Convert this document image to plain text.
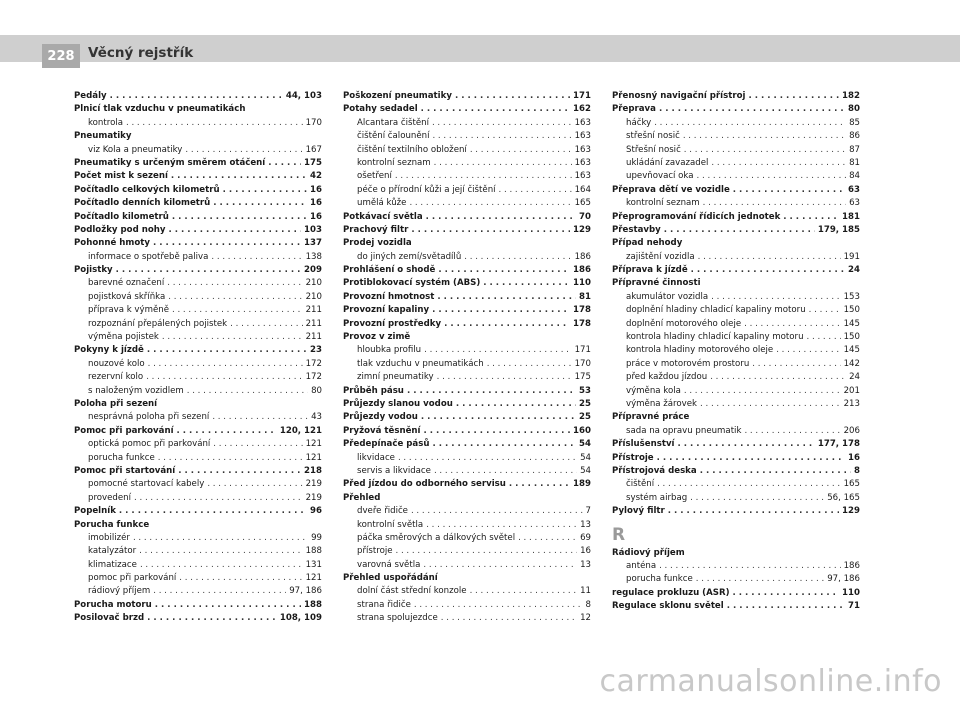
228 Věcný rejstřík
Pedály . . .	44, 103
Plnicí tlak vzduchu v pneumatikách
kontrola . . .	170
Pneumatiky
viz Kola a pneumatiky . . .	167
Pneumatiky s určeným směrem otáčení . . .	175
Počet mist k sezení . . .	42
Počítadlo celkových kilometrů . . .	16
Počítadlo denních kilometrů . . .	16
Počítadlo kilometrů . . .	16
Podložky pod nohy . . .	103
Pohonné hmoty . . .	137
informace o spotřebě paliva . . .	138
Pojistky . . .	209
barevné označení . . .	210
pojistková skříňka . . .	210
příprava k výměně . . .	211
rozpoznání přepálených pojistek . . .	211
výměna pojistek . . .	211
Pokyny k jízdě . . .	23
nouzové kolo . . .	172
rezervní kolo . . .	172
s naloženým vozidlem . . .	80
Poloha při sezení
nesprávná poloha při sezení . . .	43
Pomoc při parkování . . .	120, 121
optická pomoc při parkování . . .	121
porucha funkce . . .	121
Pomoc při startování . . .	218
pomocné startovací kabely . . .	219
provedení . . .	219
Popelník . . .	96
Porucha funkce
imobilizér . . .	99
katalyzátor . . .	188
klimatizace . . .	131
pomoc při parkování . . .	121
rádiový příjem . . .	97, 186
Porucha motoru . . .	188
Posilovač brzd . . .	108, 109
Poškození pneumatiky . . .	171
Potahy sedadel . . .	162
Alcantara čištění . . .	163
čištění čalounění . . .	163
čištění textilního obložení . . .	163
kontrolní seznam . . .	163
ošetření . . .	163
péče o přírodní kůži a její čištění . . .	164
umělá kůže . . .	165
Potkávací světla . . .	70
Prachový filtr . . .	129
Prodej vozidla
do jiných zemí/světadílů . . .	186
Prohlášení o shodě . . .	186
Protiblokovací systém (ABS) . . .	110
Provozní hmotnost . . .	81
Provozní kapaliny . . .	178
Provozní prostředky . . .	178
Provoz v zimě
hloubka profilu . . .	171
tlak vzduchu v pneumatikách . . .	170
zimní pneumatiky . . .	175
Průběh pásu . . .	53
Průjezdy slanou vodou . . .	25
Průjezdy vodou . . .	25
Pryžová těsnění . . .	160
Předepínače pásů . . .	54
likvidace . . .	54
servis a likvidace . . .	54
Před jízdou do odborného servisu . . .	189
Přehled
dveře řidiče . . .	7
kontrolní světla . . .	13
páčka směrových a dálkových světel . . .	69
přístroje . . .	16
varovná světla . . .	13
Přehled uspořádání
dolní část střední konzole . . .	11
strana řidiče . . .	8
strana spolujezdce . . .	12
Přenosný navigační přístroj . . .	182
Přeprava . . .	80
háčky . . .	85
střešní nosič . . .	86
Střešní nosič . . .	87
ukládání zavazadel . . .	81
upevňovací oka . . .	84
Přeprava dětí ve vozidle . . .	63
kontrolní seznam . . .	63
Přeprogramování řídicích jednotek . . .	181
Přestavby . . .	179, 185
Případ nehody
zajištění vozidla . . .	191
Příprava k jízdě . . .	24
Přípravné činnosti
akumulátor vozidla . . .	153
doplnění hladiny chladicí kapaliny motoru . . .	150
doplnění motorového oleje . . .	145
kontrola hladiny chladicí kapaliny motoru . . .	150
kontrola hladiny motorového oleje . . .	145
práce v motorovém prostoru . . .	142
před každou jízdou . . .	24
výměna kola . . .	201
výměna žárovek . . .	213
Přípravné práce
sada na opravu pneumatik . . .	206
Příslušenství . . .	177, 178
Přístroje . . .	16
Přístrojová deska . . .	8
čištění . . .	165
systém airbag . . .	56, 165
Pylový filtr . . .	129
R
Rádiový příjem
anténa . . .	186
porucha funkce . . .	97, 186
regulace prokluzu (ASR) . . .	110
Regulace sklonu světel . . .	71
carmanualsonline.info
